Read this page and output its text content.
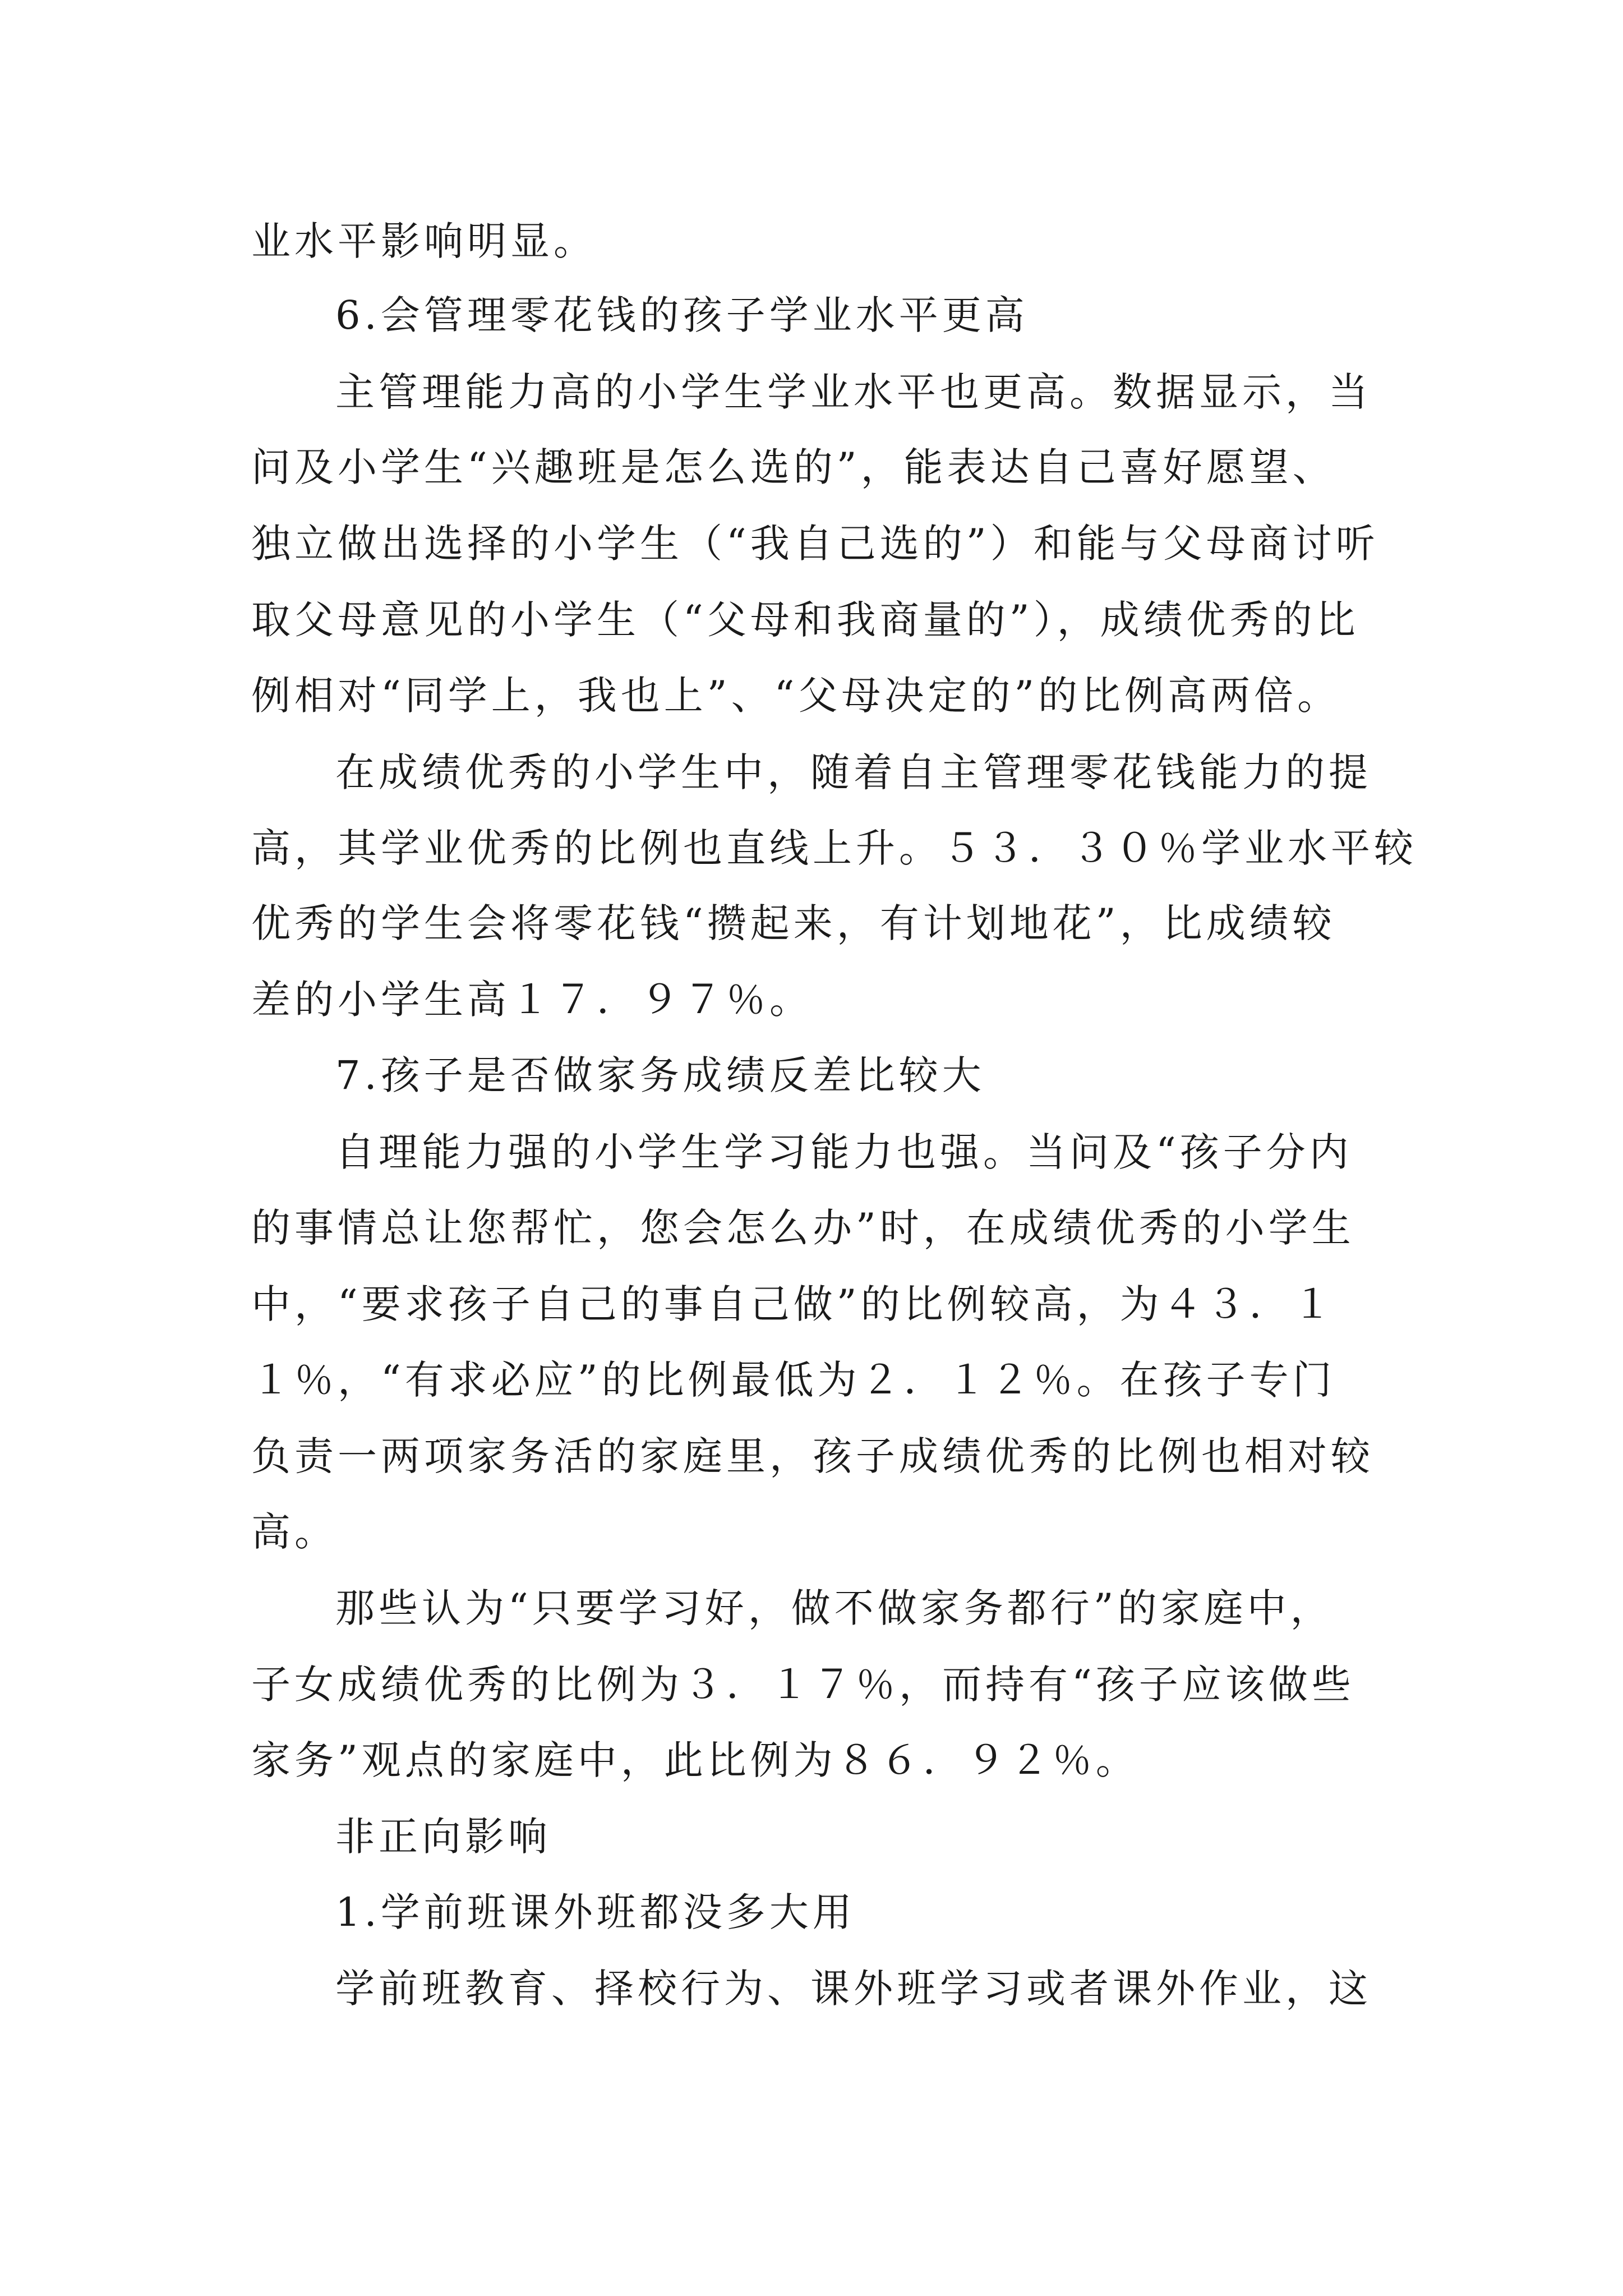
业水平影响明显。
6.会管理零花钱的孩子学业水平更高
主管理能力高的小学生学业水平也更高。数据显示，当
问及小学生“兴趣班是怎么选的”，能表达自己喜好愿望、
独立做出选择的小学生（“我自己选的”）和能与父母商讨听
取父母意见的小学生（“父母和我商量的”），成绩优秀的比
例相对“同学上，我也上”、“父母决定的”的比例高两倍。
在成绩优秀的小学生中，随着自主管理零花钱能力的提
高，其学业优秀的比例也直线上升。５３．３０％学业水平较
优秀的学生会将零花钱“攒起来，有计划地花”，比成绩较
差的小学生高１７．９７％。
7.孩子是否做家务成绩反差比较大
自理能力强的小学生学习能力也强。当问及“孩子分内
的事情总让您帮忙，您会怎么办”时，在成绩优秀的小学生
中，“要求孩子自己的事自己做”的比例较高，为４３．１
１％，“有求必应”的比例最低为２．１２％。在孩子专门
负责一两项家务活的家庭里，孩子成绩优秀的比例也相对较
高。
那些认为“只要学习好，做不做家务都行”的家庭中，
子女成绩优秀的比例为３．１７％，而持有“孩子应该做些
家务”观点的家庭中，此比例为８６．９２％。
非正向影响
1.学前班课外班都没多大用
学前班教育、择校行为、课外班学习或者课外作业，这
